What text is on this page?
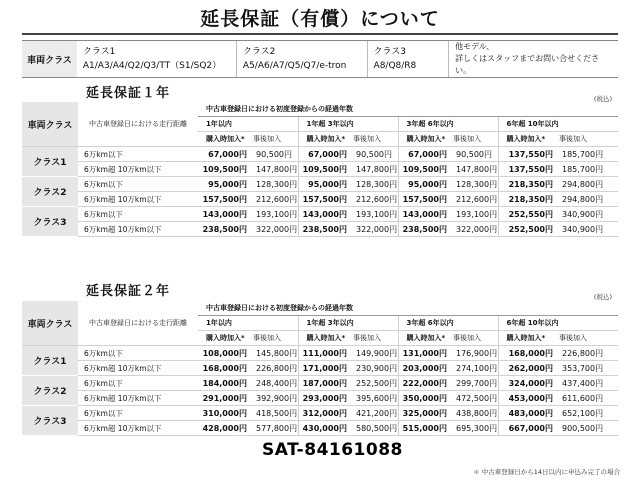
延長保証（有償）について
車両クラス
クラス1
A1/A3/A4/Q2/Q3/TT（S1/SQ2）
クラス2
A5/A6/A7/Q5/Q7/e-tron
クラス3
A8/Q8/R8
他モデル、
詳しくはスタッフまでお問い合せください。
延長保証１年	(税込)
車両クラス	中古車登録日における走行距離	中古車登録日における初度登録からの経過年数							
		1年以内		1年超 3年以内		3年超 6年以内		6年超 10年以内	
		購入時加入*	事後加入	購入時加入*	事後加入	購入時加入*	事後加入	購入時加入*	事後加入
クラス1	6万km以下	67,000円	90,500円	67,000円	90,500円	67,000円	90,500円	137,550円	185,700円
	6万km超 10万km以下	109,500円	147,800円	109,500円	147,800円	109,500円	147,800円	137,550円	185,700円
クラス2	6万km以下	95,000円	128,300円	95,000円	128,300円	95,000円	128,300円	218,350円	294,800円
	6万km超 10万km以下	157,500円	212,600円	157,500円	212,600円	157,500円	212,600円	218,350円	294,800円
クラス3	6万km以下	143,000円	193,100円	143,000円	193,100円	143,000円	193,100円	252,550円	340,900円
	6万km超 10万km以下	238,500円	322,000円	238,500円	322,000円	238,500円	322,000円	252,500円	340,900円
延長保証２年	(税込)
車両クラス	中古車登録日における走行距離	中古車登録日における初度登録からの経過年数							
		1年以内		1年超 3年以内		3年超 6年以内		6年超 10年以内	
		購入時加入*	事後加入	購入時加入*	事後加入	購入時加入*	事後加入	購入時加入*	事後加入
クラス1	6万km以下	108,000円	145,800円	111,000円	149,900円	131,000円	176,900円	168,000円	226,800円
	6万km超 10万km以下	168,000円	226,800円	171,000円	230,900円	203,000円	274,100円	262,000円	353,700円
クラス2	6万km以下	184,000円	248,400円	187,000円	252,500円	222,000円	299,700円	324,000円	437,400円
	6万km超 10万km以下	291,000円	392,900円	293,000円	395,600円	350,000円	472,500円	453,000円	611,600円
クラス3	6万km以下	310,000円	418,500円	312,000円	421,200円	325,000円	438,800円	483,000円	652,100円
	6万km超 10万km以下	428,000円	577,800円	430,000円	580,500円	515,000円	695,300円	667,000円	900,500円
＊ 中古車登録日から14日以内に申込み完了の場合
SAT-84161088
